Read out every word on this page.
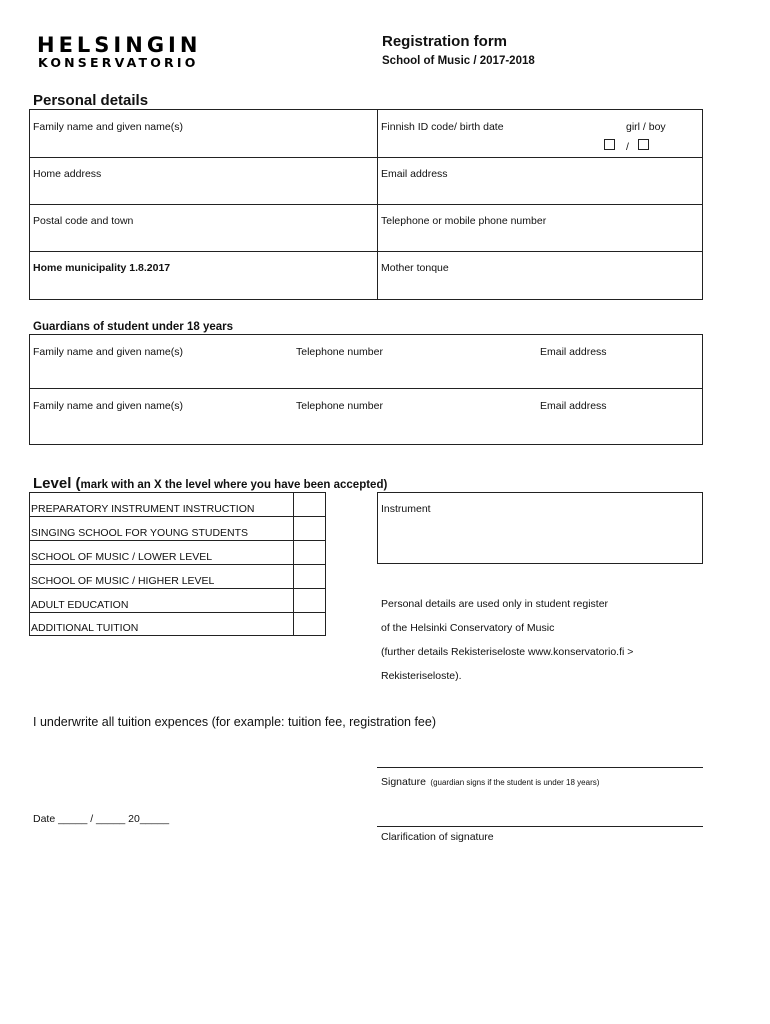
HELSINGIN
KONSERVATORIO
Registration form
School of Music / 2017-2018
Personal details
Family name and given name(s)	Finnish ID code/ birth date	girl / boy
/
Home address	Email address
Postal code and town	Telephone or mobile phone number
Home municipality 1.8.2017	Mother tonque
Guardians of student under 18 years
Family name and given name(s)	Telephone number	Email address
Family name and given name(s)	Telephone number	Email address
Level (mark with an X the level where you have been accepted)
PREPARATORY INSTRUMENT INSTRUCTION
SINGING SCHOOL FOR YOUNG STUDENTS
SCHOOL OF MUSIC / LOWER LEVEL
SCHOOL OF MUSIC / HIGHER LEVEL
ADULT EDUCATION
ADDITIONAL TUITION
Instrument
Personal details are used only in student register
of the Helsinki Conservatory of Music
(further details Rekisteriseloste www.konservatorio.fi >
Rekisteriseloste).
I underwrite all tuition expences (for example: tuition fee, registration fee)
Signature (guardian signs if the student is under 18 years)
Date _____ / _____ 20_____
Clarification of signature
